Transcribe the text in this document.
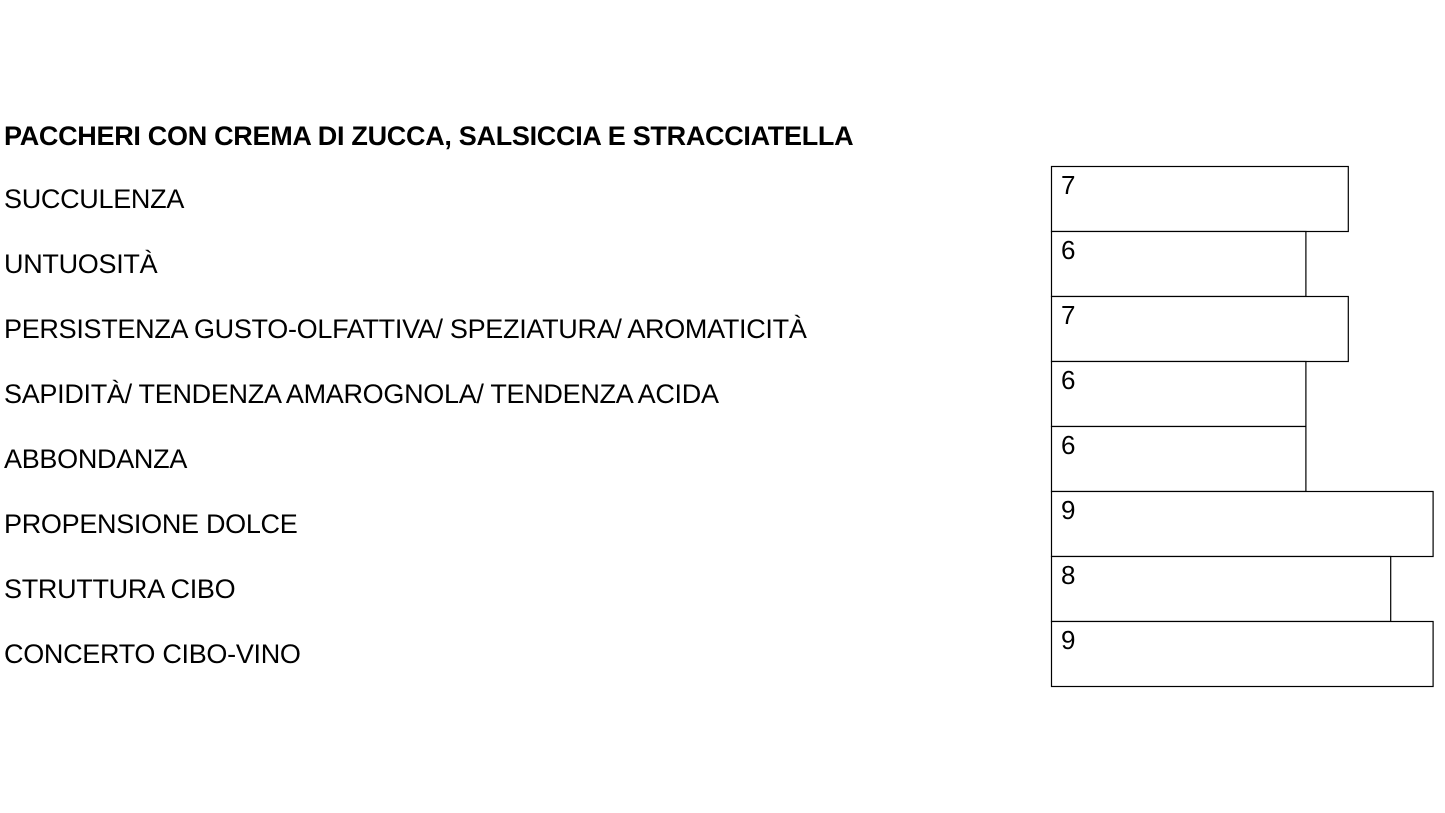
PACCHERI CON CREMA DI ZUCCA, SALSICCIA E STRACCIATELLA
SUCCULENZA
UNTUOSITÀ
PERSISTENZA GUSTO-OLFATTIVA/ SPEZIATURA/ AROMATICITÀ
SAPIDITÀ/ TENDENZA AMAROGNOLA/ TENDENZA ACIDA
ABBONDANZA
PROPENSIONE DOLCE
STRUTTURA CIBO
CONCERTO CIBO-VINO
7
6
7
6
6
9
8
9
